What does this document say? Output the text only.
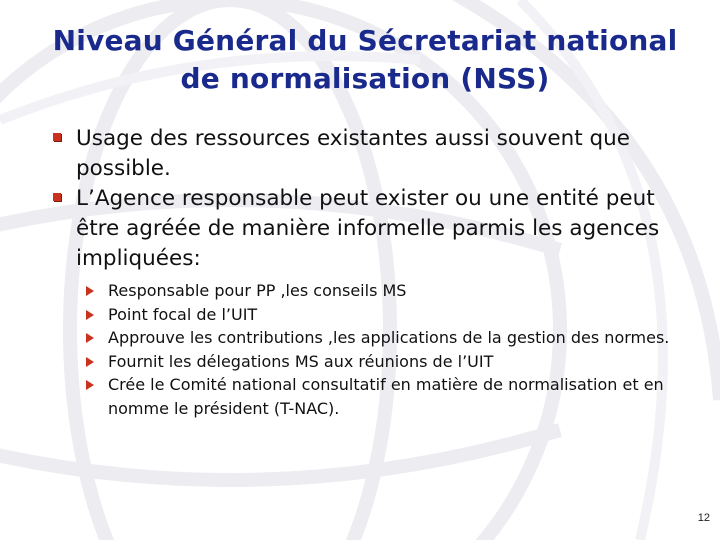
Niveau Général du Sécretariat national de normalisation (NSS)

Usage des ressources existantes aussi souvent que possible.

L’Agence responsable peut exister ou une entité peut être agréée de manière informelle parmis les agences impliquées:

Responsable pour PP ,les conseils MS

Point focal de l’UIT

Approuve les contributions ,les applications de la gestion des normes.

Fournit les délegations MS aux réunions de l’UIT

Crée le Comité national consultatif en matière de normalisation et en nomme le président (T-NAC).

12
